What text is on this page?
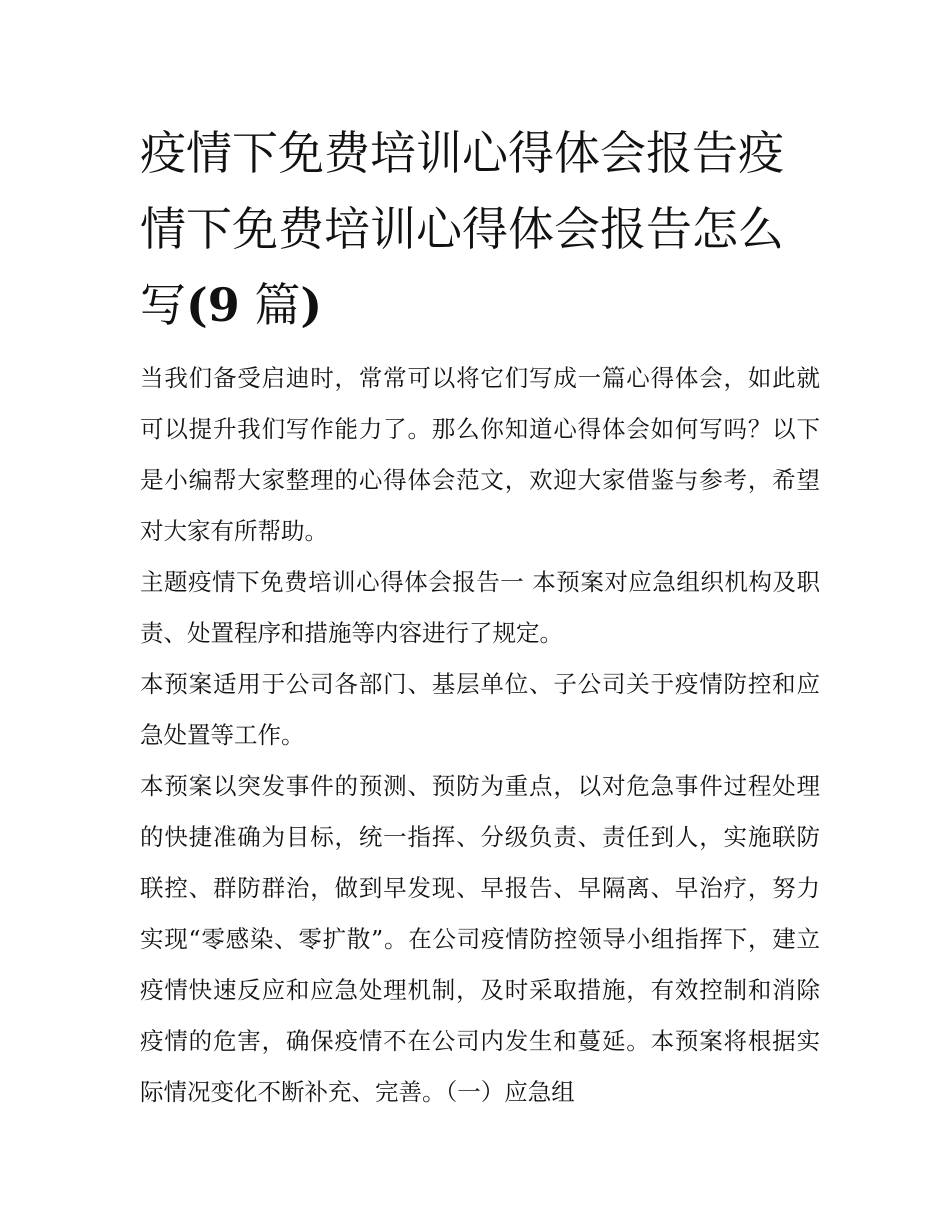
疫情下免费培训心得体会报告疫情下免费培训心得体会报告怎么写(9 篇)

当我们备受启迪时，常常可以将它们写成一篇心得体会，如此就可以提升我们写作能力了。那么你知道心得体会如何写吗？以下是小编帮大家整理的心得体会范文，欢迎大家借鉴与参考，希望对大家有所帮助。

主题疫情下免费培训心得体会报告一 本预案对应急组织机构及职责、处置程序和措施等内容进行了规定。

本预案适用于公司各部门、基层单位、子公司关于疫情防控和应急处置等工作。

本预案以突发事件的预测、预防为重点，以对危急事件过程处理的快捷准确为目标，统一指挥、分级负责、责任到人，实施联防联控、群防群治，做到早发现、早报告、早隔离、早治疗，努力实现“零感染、零扩散”。在公司疫情防控领导小组指挥下，建立疫情快速反应和应急处理机制，及时采取措施，有效控制和消除疫情的危害，确保疫情不在公司内发生和蔓延。本预案将根据实际情况变化不断补充、完善。（一）应急组
